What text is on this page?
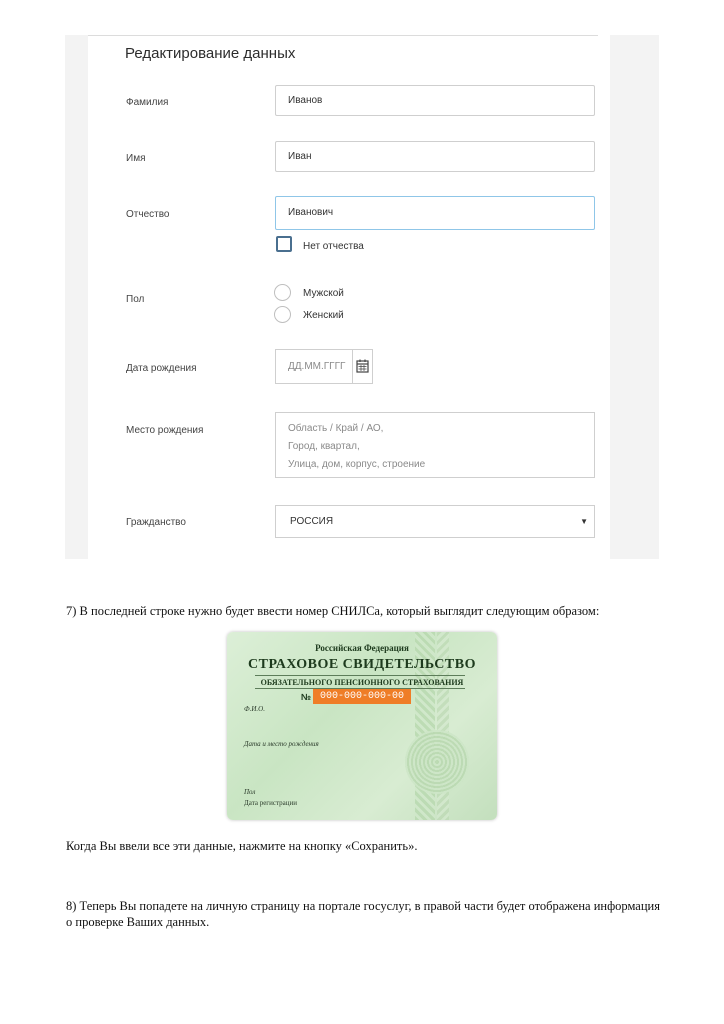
Редактирование данных
Фамилия	Иванов
Имя	Иван
Отчество	Иванович
Нет отчества
Пол
Мужской
Женский
Дата рождения	ДД.ММ.ГГГГ
Место рождения	Область / Край / АО,
Город, квартал,
Улица, дом, корпус, строение
Гражданство	РОССИЯ	▼
7) В последней строке нужно будет ввести номер СНИЛСа, который выглядит следующим образом:
Российская Федерация
СТРАХОВОЕ СВИДЕТЕЛЬСТВО
ОБЯЗАТЕЛЬНОГО ПЕНСИОННОГО СТРАХОВАНИЯ
№ 000-000-000-00
Ф.И.О.
Дата и место рождения
Пол
Дата регистрации
Когда Вы ввели все эти данные, нажмите на кнопку «Сохранить».
8) Теперь Вы попадете на личную страницу на портале госуслуг, в правой части будет отображена информация о проверке Ваших данных.
